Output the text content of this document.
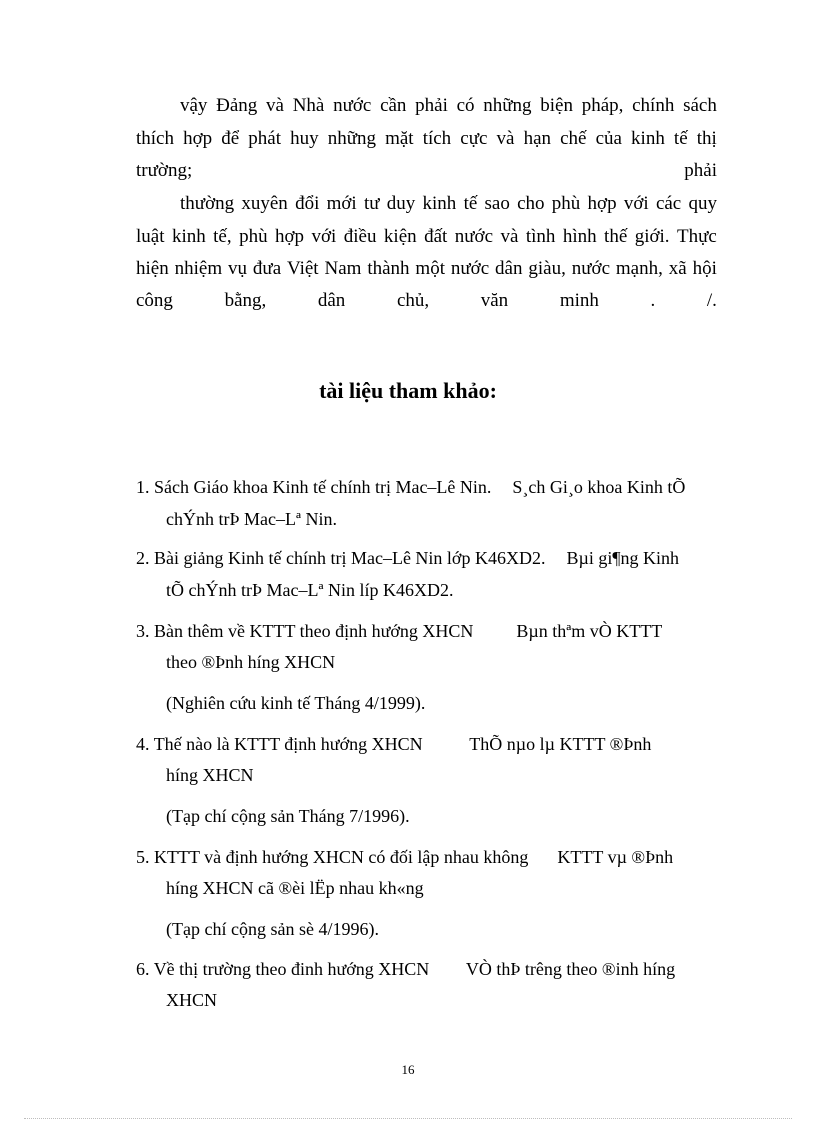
vậy Đảng và Nhà nước cần phải có những biện pháp, chính sách
thích hợp để phát huy những mặt tích cực và hạn chế của kinh tế thị
trường;	phải
thường xuyên đổi mới tư duy kinh tế sao cho phù hợp với các quy
luật kinh tế, phù hợp với điều kiện đất nước và tình hình thế giới. Thực
hiện nhiệm vụ đưa Việt Nam thành một nước dân giàu, nước mạnh, xã hội
công	bằng,	dân	chủ,	văn	minh	.	/.
tài liệu tham khảo:
1. Sách Giáo khoa Kinh tế chính trị Mac–Lê Nin. S¸ch Gi¸o khoa Kinh tÕ
chÝnh trÞ Mac–Lª Nin.
2. Bài giảng Kinh tế chính trị Mac–Lê Nin lớp K46XD2. Bµi gi¶ng Kinh
tÕ chÝnh trÞ Mac–Lª Nin líp K46XD2.
3. Bàn thêm về KTTT theo định hướng XHCN Bµn thªm vÒ KTTT
theo ®Þnh híng XHCN
(Nghiên cứu kinh tế Tháng 4/1999).
4. Thế nào là KTTT định hướng XHCN	ThÕ nµo lµ KTTT ®Þnh
híng XHCN
(Tạp chí cộng sản Tháng 7/1996).
5. KTTT và định hướng XHCN có đối lập nhau không KTTT vµ ®Þnh
híng XHCN cã ®èi lËp nhau kh«ng
(Tạp chí cộng sản sè 4/1996).
6. Về thị trường theo đinh hướng XHCN VÒ thÞ trêng theo ®inh híng
XHCN
16
